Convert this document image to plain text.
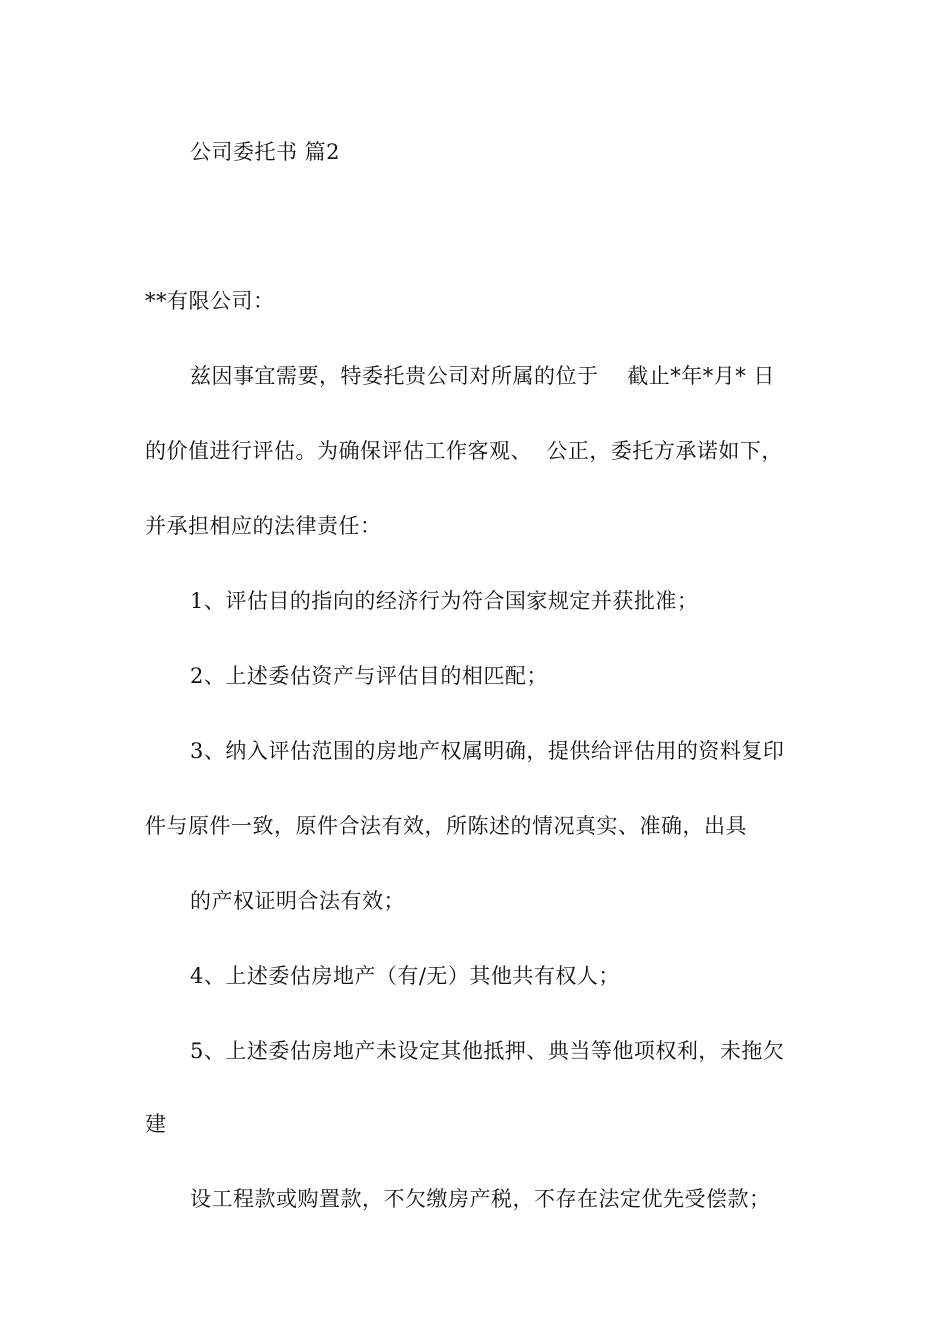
公司委托书 篇2
**有限公司：
兹因事宜需要，特委托贵公司对所属的位于    截止*年*月* 日
的价值进行评估。为确保评估工作客观、  公正，委托方承诺如下，
并承担相应的法律责任：
1、评估目的指向的经济行为符合国家规定并获批准；
2、上述委估资产与评估目的相匹配；
3、纳入评估范围的房地产权属明确，提供给评估用的资料复印
件与原件一致，原件合法有效，所陈述的情况真实、准确，出具
的产权证明合法有效；
4、上述委估房地产（有/无）其他共有权人；
5、上述委估房地产未设定其他抵押、典当等他项权利，未拖欠
建
设工程款或购置款，不欠缴房产税，不存在法定优先受偿款；
